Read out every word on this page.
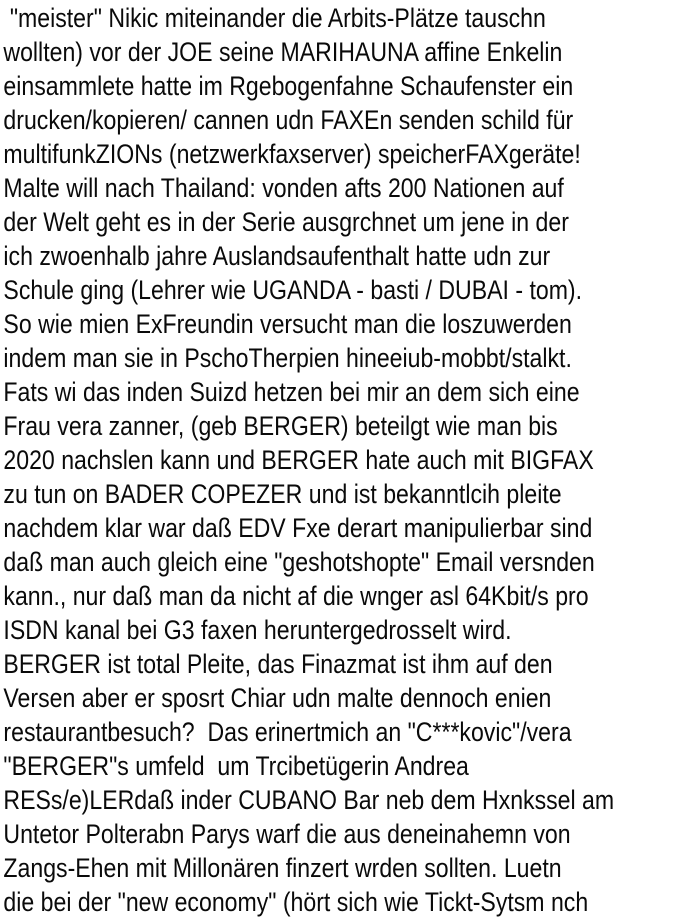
"meister" Nikic miteinander die Arbits-Plätze tauschn
wollten) vor der JOE seine MARIHAUNA affine Enkelin
einsammlete hatte im Rgebogenfahne Schaufenster ein
drucken/kopieren/ cannen udn FAXEn senden schild für
multifunkZIONs (netzwerkfaxserver) speicherFAXgeräte!
Malte will nach Thailand: vonden afts 200 Nationen auf
der Welt geht es in der Serie ausgrchnet um jene in der
ich zwoenhalb jahre Auslandsaufenthalt hatte udn zur
Schule ging (Lehrer wie UGANDA - basti / DUBAI - tom).
So wie mien ExFreundin versucht man die loszuwerden
indem man sie in PschoTherpien hineeiub-mobbt/stalkt.
Fats wi das inden Suizd hetzen bei mir an dem sich eine
Frau vera zanner, (geb BERGER) beteilgt wie man bis
2020 nachslen kann und BERGER hate auch mit BIGFAX
zu tun on BADER COPEZER und ist bekanntlcih pleite
nachdem klar war daß EDV Fxe derart manipulierbar sind
daß man auch gleich eine "geshotshopte" Email versnden
kann., nur daß man da nicht af die wnger asl 64Kbit/s pro
ISDN kanal bei G3 faxen heruntergedrosselt wird.
BERGER ist total Pleite, das Finazmat ist ihm auf den
Versen aber er sposrt Chiar udn malte dennoch enien
restaurantbesuch?  Das erinertmich an "C***kovic"/vera
"BERGER"s umfeld  um Trcibetügerin Andrea
RESs/e)LERdaß inder CUBANO Bar neb dem Hxnkssel am
Untetor Polterabn Parys warf die aus deneinahemn von
Zangs-Ehen mit Millonären finzert wrden sollten. Luetn
die bei der "new economy" (hört sich wie Tickt-Sytsm nch
